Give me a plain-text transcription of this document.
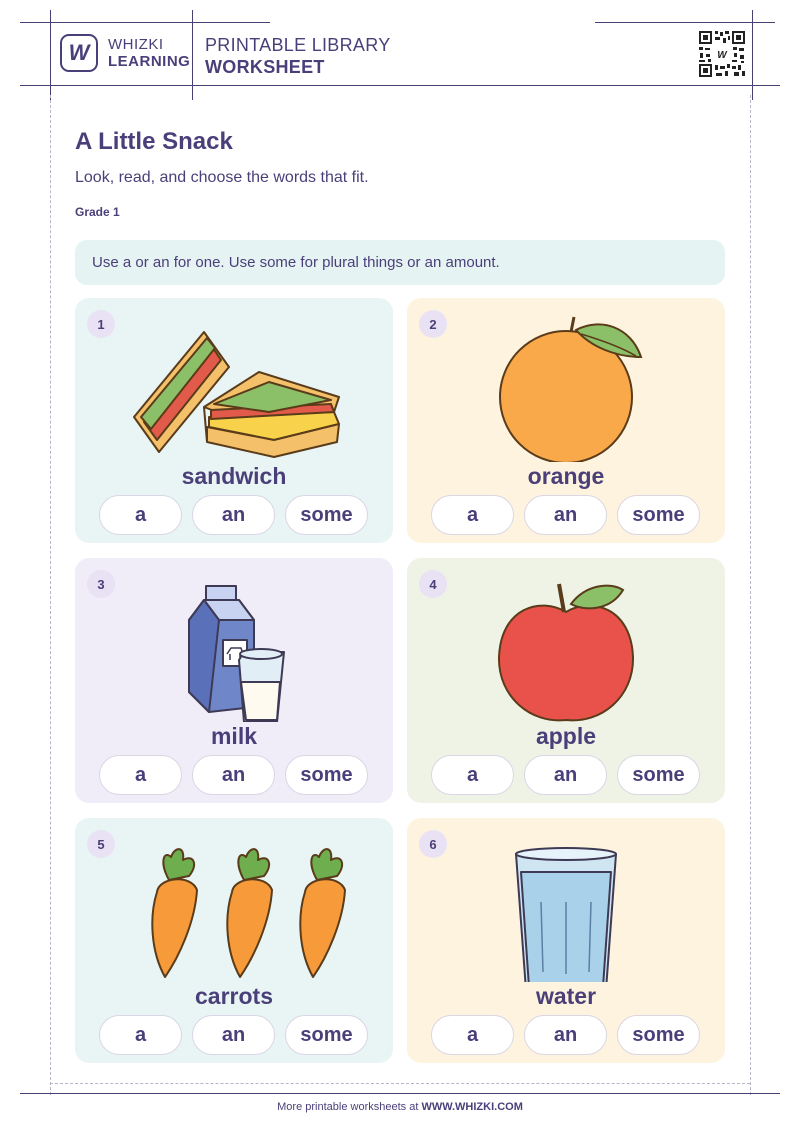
W WHIZKI
LEARNING
PRINTABLE LIBRARY
WORKSHEET
W
A Little Snack
Look, read, and choose the words that fit.
Grade 1
Use a or an for one. Use some for plural things or an amount.
1
sandwich
a	an	some
2
orange
a	an	some
3
milk
a	an	some
4
apple
a	an	some
5
carrots
a	an	some
6
water
a	an	some
More printable worksheets at WWW.WHIZKI.COM
